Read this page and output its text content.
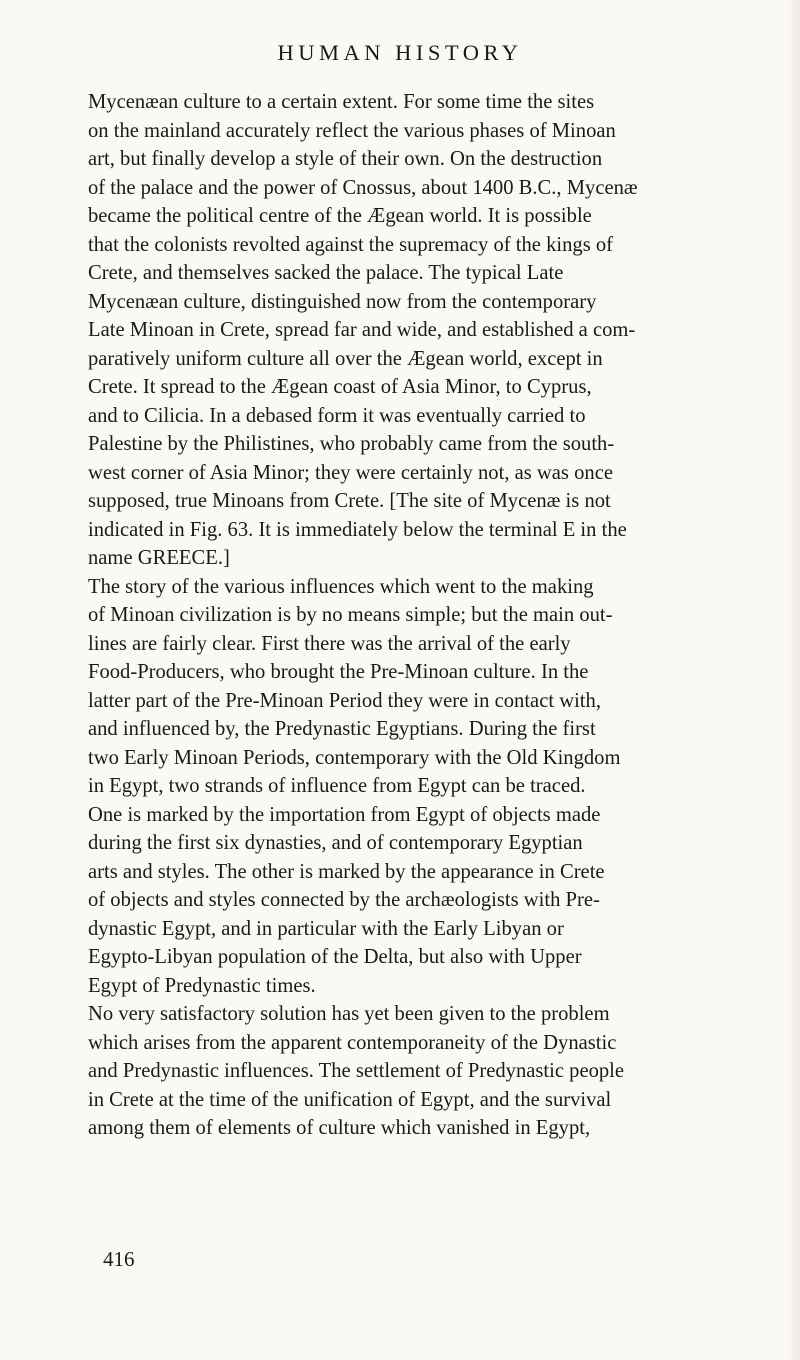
HUMAN HISTORY
Mycenæan culture to a certain extent. For some time the sites
on the mainland accurately reflect the various phases of Minoan
art, but finally develop a style of their own. On the destruction
of the palace and the power of Cnossus, about 1400 B.C., Mycenæ
became the political centre of the Ægean world. It is possible
that the colonists revolted against the supremacy of the kings of
Crete, and themselves sacked the palace. The typical Late
Mycenæan culture, distinguished now from the contemporary
Late Minoan in Crete, spread far and wide, and established a com-
paratively uniform culture all over the Ægean world, except in
Crete. It spread to the Ægean coast of Asia Minor, to Cyprus,
and to Cilicia. In a debased form it was eventually carried to
Palestine by the Philistines, who probably came from the south-
west corner of Asia Minor; they were certainly not, as was once
supposed, true Minoans from Crete. [The site of Mycenæ is not
indicated in Fig. 63. It is immediately below the terminal E in the
name GREECE.]
The story of the various influences which went to the making
of Minoan civilization is by no means simple; but the main out-
lines are fairly clear. First there was the arrival of the early
Food-Producers, who brought the Pre-Minoan culture. In the
latter part of the Pre-Minoan Period they were in contact with,
and influenced by, the Predynastic Egyptians. During the first
two Early Minoan Periods, contemporary with the Old Kingdom
in Egypt, two strands of influence from Egypt can be traced.
One is marked by the importation from Egypt of objects made
during the first six dynasties, and of contemporary Egyptian
arts and styles. The other is marked by the appearance in Crete
of objects and styles connected by the archæologists with Pre-
dynastic Egypt, and in particular with the Early Libyan or
Egypto-Libyan population of the Delta, but also with Upper
Egypt of Predynastic times.
No very satisfactory solution has yet been given to the problem
which arises from the apparent contemporaneity of the Dynastic
and Predynastic influences. The settlement of Predynastic people
in Crete at the time of the unification of Egypt, and the survival
among them of elements of culture which vanished in Egypt,
416
